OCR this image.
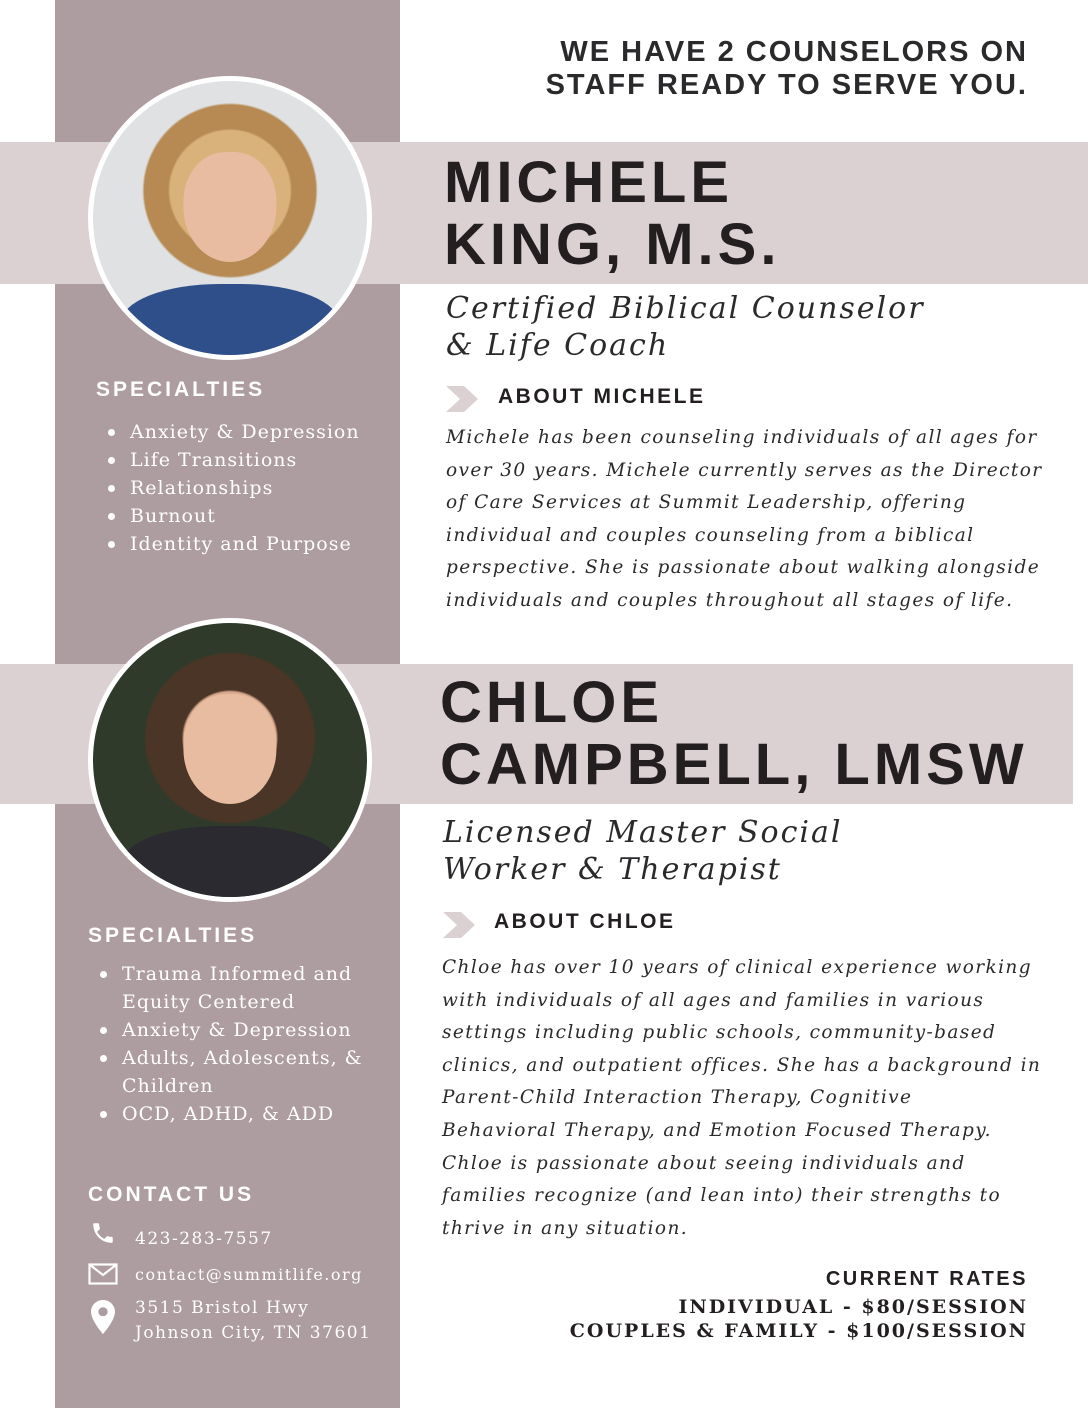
WE HAVE 2 COUNSELORS ON
STAFF READY TO SERVE YOU.
MICHELE
KING, M.S.
Certified Biblical Counselor
& Life Coach
ABOUT MICHELE
Michele has been counseling individuals of all ages for
over 30 years. Michele currently serves as the Director
of Care Services at Summit Leadership, offering
individual and couples counseling from a biblical
perspective. She is passionate about walking alongside
individuals and couples throughout all stages of life.
SPECIALTIES
Anxiety & Depression
Life Transitions
Relationships
Burnout
Identity and Purpose
CHLOE
CAMPBELL, LMSW
Licensed Master Social
Worker & Therapist
ABOUT CHLOE
Chloe has over 10 years of clinical experience working
with individuals of all ages and families in various
settings including public schools, community-based
clinics, and outpatient offices. She has a background in
Parent-Child Interaction Therapy, Cognitive
Behavioral Therapy, and Emotion Focused Therapy.
Chloe is passionate about seeing individuals and
families recognize (and lean into) their strengths to
thrive in any situation.
SPECIALTIES
Trauma Informed and
Equity Centered
Anxiety & Depression
Adults, Adolescents, &
Children
OCD, ADHD, & ADD
CONTACT US
423-283-7557
contact@summitlife.org
3515 Bristol Hwy
Johnson City, TN 37601
CURRENT RATES
INDIVIDUAL - $80/SESSION
COUPLES & FAMILY - $100/SESSION
